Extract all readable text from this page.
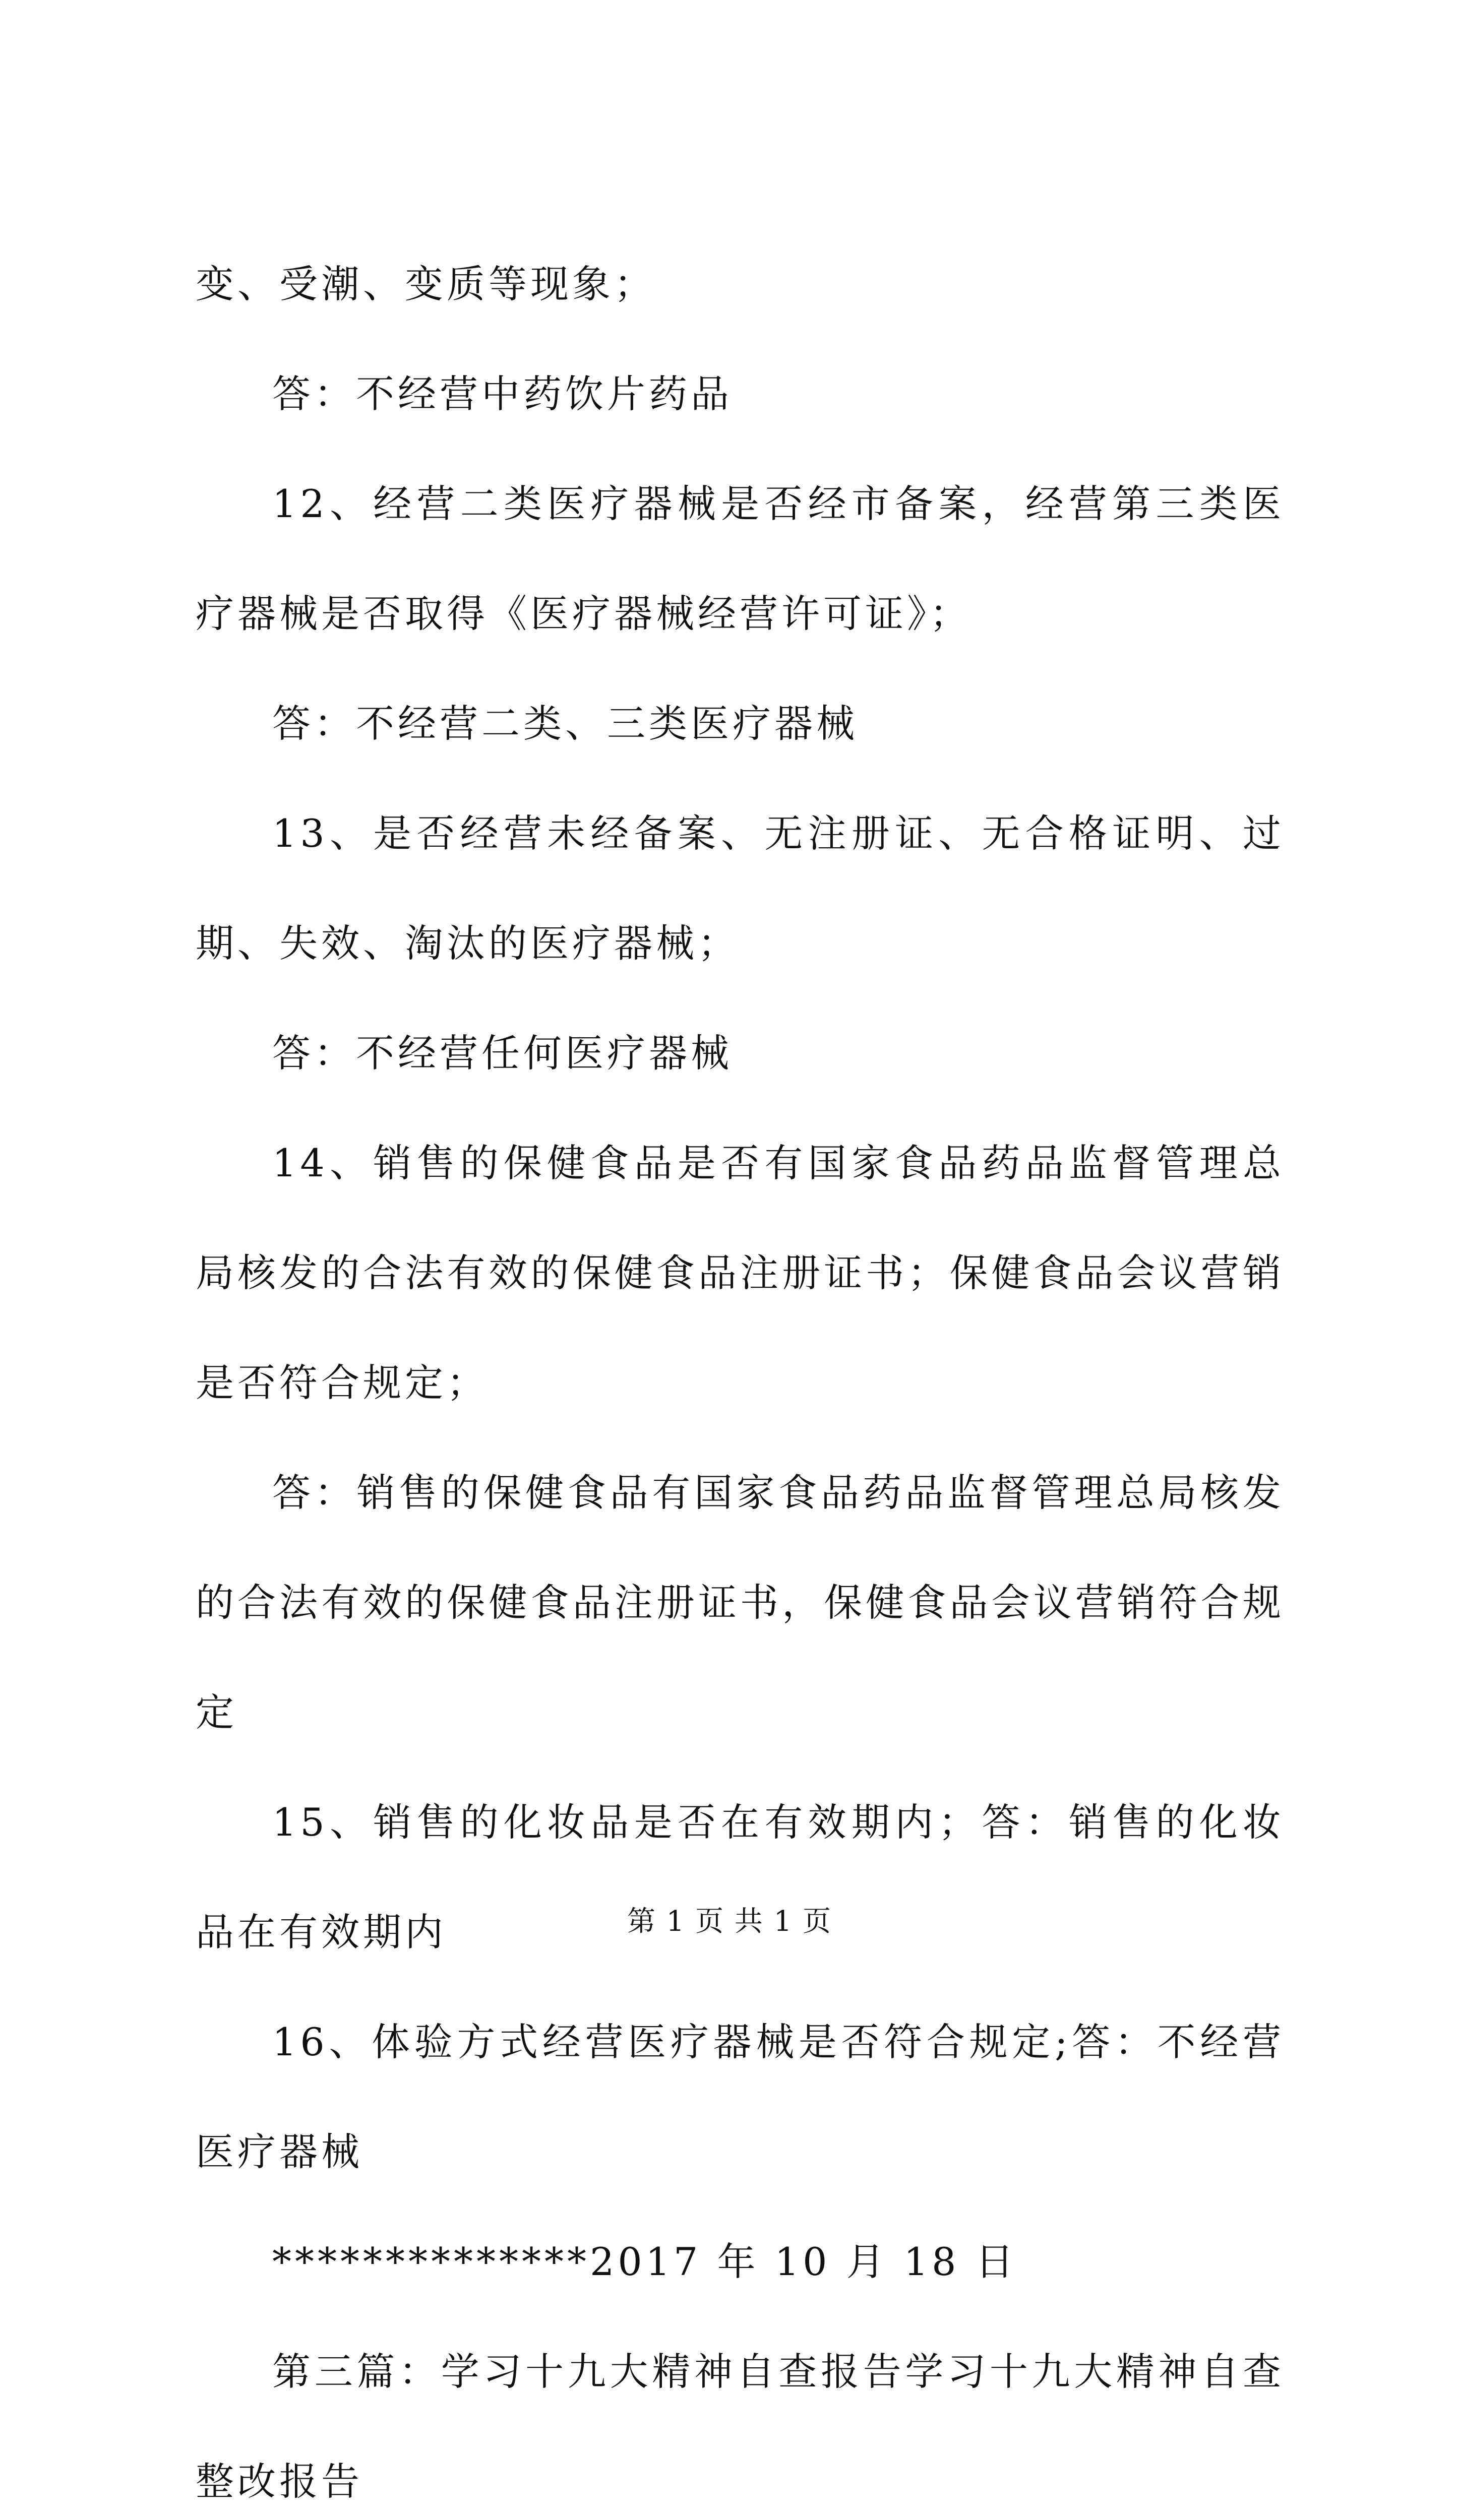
变、受潮、变质等现象；

答：不经营中药饮片药品

12、经营二类医疗器械是否经市备案，经营第三类医疗器械是否取得《医疗器械经营许可证》；

答：不经营二类、三类医疗器械

13、是否经营未经备案、无注册证、无合格证明、过期、失效、淘汰的医疗器械；

答：不经营任何医疗器械

14、销售的保健食品是否有国家食品药品监督管理总局核发的合法有效的保健食品注册证书；保健食品会议营销是否符合规定；

答：销售的保健食品有国家食品药品监督管理总局核发的合法有效的保健食品注册证书，保健食品会议营销符合规定

15、销售的化妆品是否在有效期内；答：销售的化妆品在有效期内

16、体验方式经营医疗器械是否符合规定;答：不经营医疗器械

**************2017 年 10 月 18 日

第三篇：学习十九大精神自查报告学习十九大精神自查整改报告

第 1 页 共 1 页
